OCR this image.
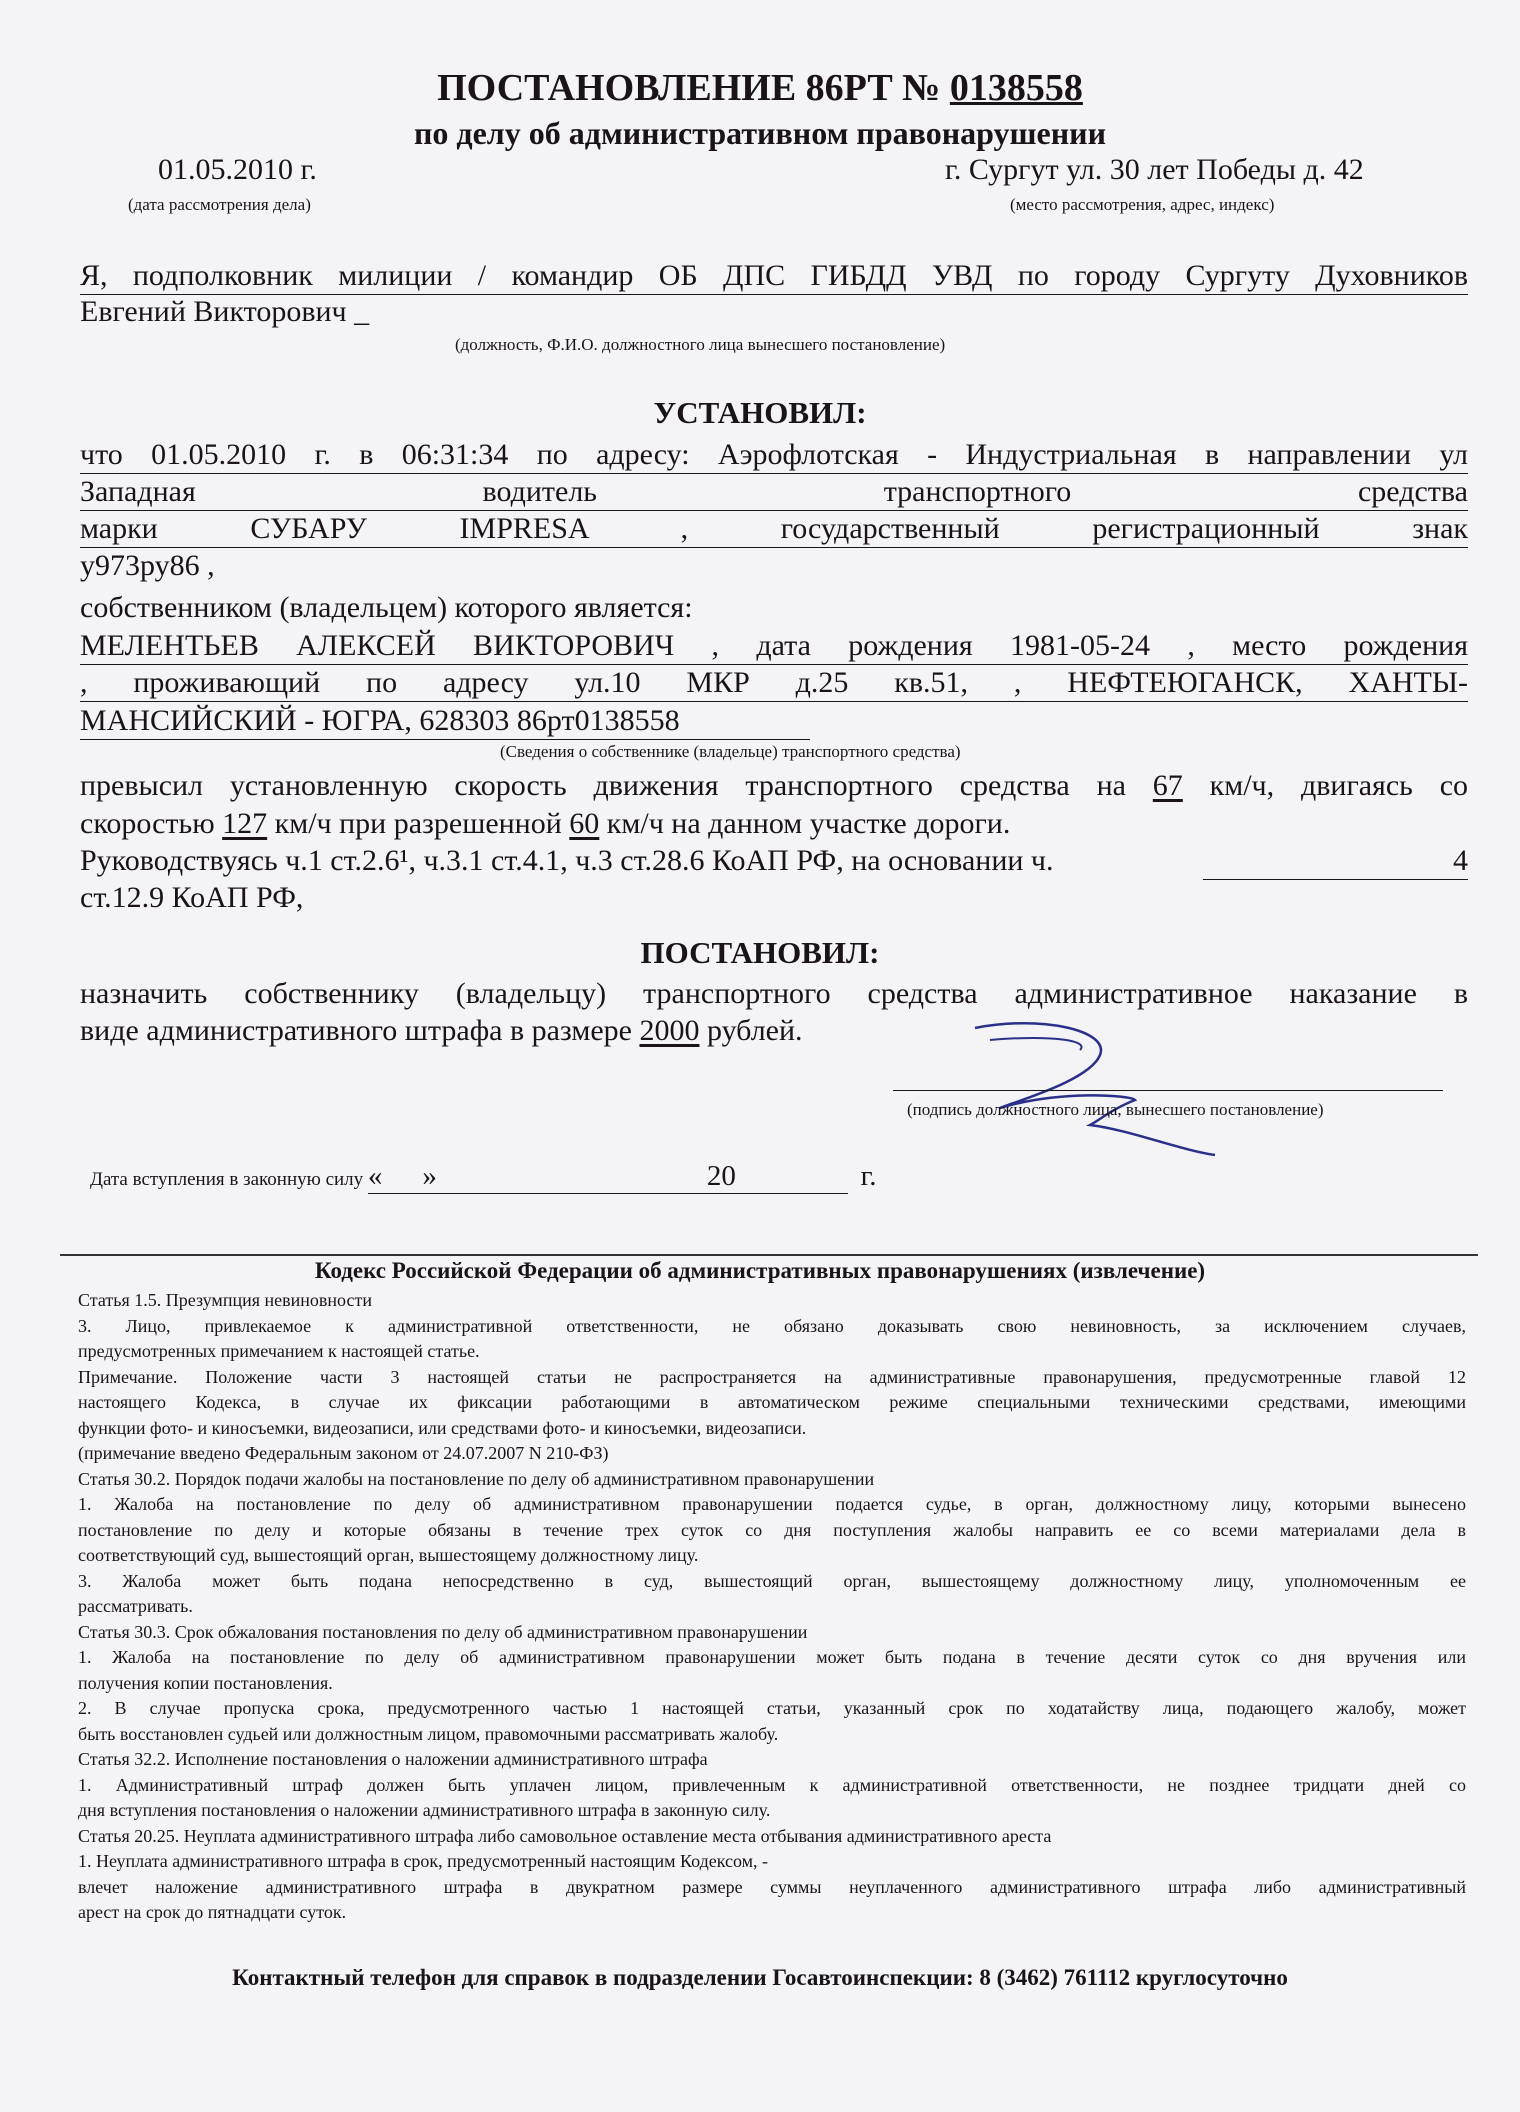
ПОСТАНОВЛЕНИЕ 86РТ № 0138558
по делу об административном правонарушении
01.05.2010 г.
(дата рассмотрения дела)
г. Сургут ул. 30 лет Победы д. 42
(место рассмотрения, адрес, индекс)
Я, подполковник милиции / командир ОБ ДПС ГИБДД УВД по городу Сургуту Духовников
Евгений Викторович _
(должность, Ф.И.О. должностного лица вынесшего постановление)
УСТАНОВИЛ:
что 01.05.2010 г. в 06:31:34 по адресу: Аэрофлотская - Индустриальная в направлении ул
Западная водитель транспортного средства
марки СУБАРУ IMPRESA , государственный регистрационный знак
у973ру86 ,
собственником (владельцем) которого является:
МЕЛЕНТЬЕВ АЛЕКСЕЙ ВИКТОРОВИЧ , дата рождения 1981-05-24 , место рождения
, проживающий по адресу ул.10 МКР д.25 кв.51, , НЕФТЕЮГАНСК, ХАНТЫ-
МАНСИЙСКИЙ - ЮГРА, 628303 86рт0138558
(Сведения о собственнике (владельце) транспортного средства)
превысил установленную скорость движения транспортного средства на 67 км/ч, двигаясь со
скоростью 127 км/ч при разрешенной 60 км/ч на данном участке дороги.
Руководствуясь ч.1 ст.2.6¹, ч.3.1 ст.4.1, ч.3 ст.28.6 КоАП РФ, на основании ч.	4
ст.12.9 КоАП РФ,
ПОСТАНОВИЛ:
назначить собственнику (владельцу) транспортного средства административное наказание в
виде административного штрафа в размере 2000 рублей.
(подпись должностного лица, вынесшего постановление)
Дата вступления в законную силу « »	20	г.
Кодекс Российской Федерации об административных правонарушениях (извлечение)
Статья 1.5. Презумпция невиновности
3. Лицо, привлекаемое к административной ответственности, не обязано доказывать свою невиновность, за исключением случаев,
предусмотренных примечанием к настоящей статье.
Примечание. Положение части 3 настоящей статьи не распространяется на административные правонарушения, предусмотренные главой 12
настоящего Кодекса, в случае их фиксации работающими в автоматическом режиме специальными техническими средствами, имеющими
функции фото- и киносъемки, видеозаписи, или средствами фото- и киносъемки, видеозаписи.
(примечание введено Федеральным законом от 24.07.2007 N 210-ФЗ)
Статья 30.2. Порядок подачи жалобы на постановление по делу об административном правонарушении
1. Жалоба на постановление по делу об административном правонарушении подается судье, в орган, должностному лицу, которыми вынесено
постановление по делу и которые обязаны в течение трех суток со дня поступления жалобы направить ее со всеми материалами дела в
соответствующий суд, вышестоящий орган, вышестоящему должностному лицу.
3. Жалоба может быть подана непосредственно в суд, вышестоящий орган, вышестоящему должностному лицу, уполномоченным ее
рассматривать.
Статья 30.3. Срок обжалования постановления по делу об административном правонарушении
1. Жалоба на постановление по делу об административном правонарушении может быть подана в течение десяти суток со дня вручения или
получения копии постановления.
2. В случае пропуска срока, предусмотренного частью 1 настоящей статьи, указанный срок по ходатайству лица, подающего жалобу, может
быть восстановлен судьей или должностным лицом, правомочными рассматривать жалобу.
Статья 32.2. Исполнение постановления о наложении административного штрафа
1. Административный штраф должен быть уплачен лицом, привлеченным к административной ответственности, не позднее тридцати дней со
дня вступления постановления о наложении административного штрафа в законную силу.
Статья 20.25. Неуплата административного штрафа либо самовольное оставление места отбывания административного ареста
1. Неуплата административного штрафа в срок, предусмотренный настоящим Кодексом, -
влечет наложение административного штрафа в двукратном размере суммы неуплаченного административного штрафа либо административный
арест на срок до пятнадцати суток.
Контактный телефон для справок в подразделении Госавтоинспекции: 8 (3462) 761112 круглосуточно
